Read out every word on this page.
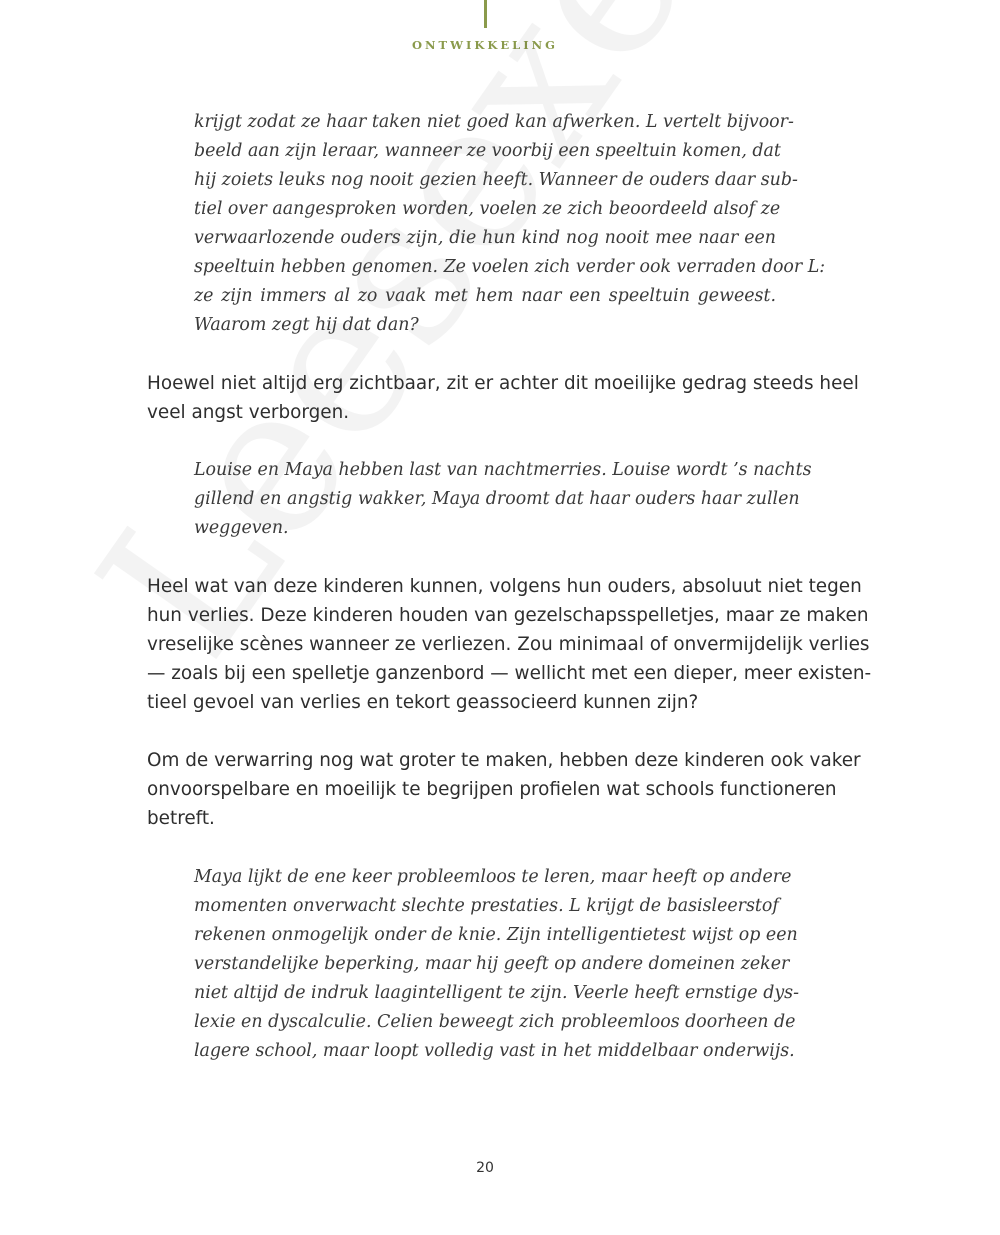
ONTWIKKELING
krijgt zodat ze haar taken niet goed kan afwerken. L vertelt bijvoor-
beeld aan zijn leraar, wanneer ze voorbij een speeltuin komen, dat
hij zoiets leuks nog nooit gezien heeft. Wanneer de ouders daar sub-
tiel over aangesproken worden, voelen ze zich beoordeeld alsof ze
verwaarlozende ouders zijn, die hun kind nog nooit mee naar een
speeltuin hebben genomen. Ze voelen zich verder ook verraden door L:
ze zijn immers al zo vaak met hem naar een speeltuin geweest.
Waarom zegt hij dat dan?
Hoewel niet altijd erg zichtbaar, zit er achter dit moeilijke gedrag steeds heel
veel angst verborgen.
Louise en Maya hebben last van nachtmerries. Louise wordt ’s nachts
gillend en angstig wakker, Maya droomt dat haar ouders haar zullen
weggeven.
Heel wat van deze kinderen kunnen, volgens hun ouders, absoluut niet tegen
hun verlies. Deze kinderen houden van gezelschapsspelletjes, maar ze maken
vreselijke scènes wanneer ze verliezen. Zou minimaal of onvermijdelijk verlies
— zoals bij een spelletje ganzenbord — wellicht met een dieper, meer existen-
tieel gevoel van verlies en tekort geassocieerd kunnen zijn?
Om de verwarring nog wat groter te maken, hebben deze kinderen ook vaker
onvoorspelbare en moeilijk te begrijpen profielen wat schools functioneren
betreft.
Maya lijkt de ene keer probleemloos te leren, maar heeft op andere
momenten onverwacht slechte prestaties. L krijgt de basisleerstof
rekenen onmogelijk onder de knie. Zijn intelligentietest wijst op een
verstandelijke beperking, maar hij geeft op andere domeinen zeker
niet altijd de indruk laagintelligent te zijn. Veerle heeft ernstige dys-
lexie en dyscalculie. Celien beweegt zich probleemloos doorheen de
lagere school, maar loopt volledig vast in het middelbaar onderwijs.
20
